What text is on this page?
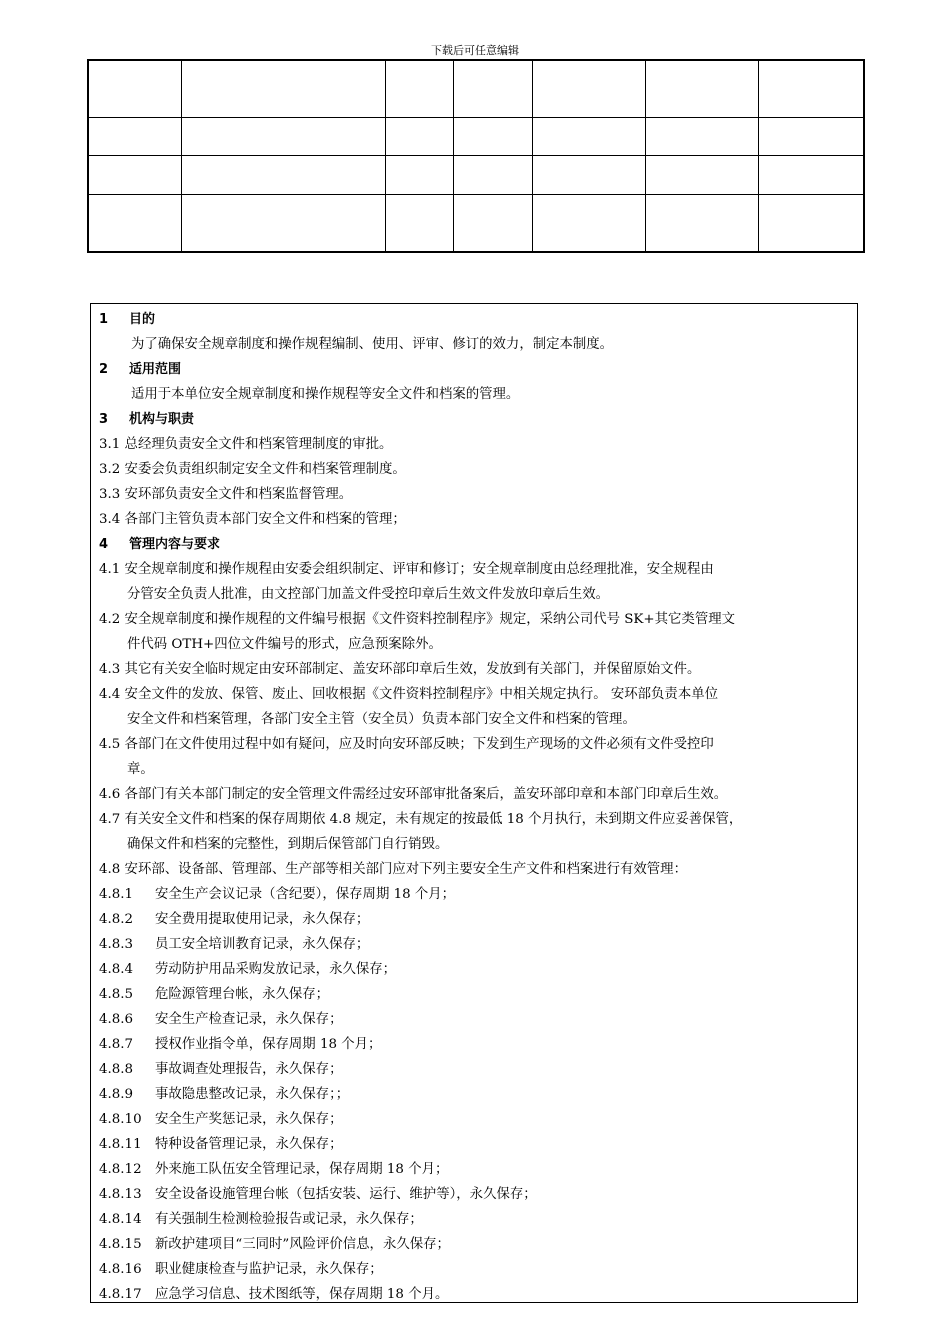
下载后可任意编辑

1 目的
为了确保安全规章制度和操作规程编制、使用、评审、修订的效力，制定本制度。
2 适用范围
适用于本单位安全规章制度和操作规程等安全文件和档案的管理。
3 机构与职责
3.1 总经理负责安全文件和档案管理制度的审批。
3.2 安委会负责组织制定安全文件和档案管理制度。
3.3 安环部负责安全文件和档案监督管理。
3.4 各部门主管负责本部门安全文件和档案的管理；
4 管理内容与要求
4.1 安全规章制度和操作规程由安委会组织制定、评审和修订；安全规章制度由总经理批准，安全规程由
分管安全负责人批准，由文控部门加盖文件受控印章后生效文件发放印章后生效。
4.2 安全规章制度和操作规程的文件编号根据《文件资料控制程序》规定，采纳公司代号 SK+其它类管理文
件代码 OTH+四位文件编号的形式，应急预案除外。
4.3 其它有关安全临时规定由安环部制定、盖安环部印章后生效，发放到有关部门，并保留原始文件。
4.4 安全文件的发放、保管、废止、回收根据《文件资料控制程序》中相关规定执行。 安环部负责本单位
安全文件和档案管理，各部门安全主管（安全员）负责本部门安全文件和档案的管理。
4.5 各部门在文件使用过程中如有疑问，应及时向安环部反映；下发到生产现场的文件必须有文件受控印
章。
4.6 各部门有关本部门制定的安全管理文件需经过安环部审批备案后，盖安环部印章和本部门印章后生效。
4.7 有关安全文件和档案的保存周期依 4.8 规定，未有规定的按最低 18 个月执行，未到期文件应妥善保管，
确保文件和档案的完整性，到期后保管部门自行销毁。
4.8 安环部、设备部、管理部、生产部等相关部门应对下列主要安全生产文件和档案进行有效管理：
4.8.1 安全生产会议记录（含纪要），保存周期 18 个月；
4.8.2 安全费用提取使用记录，永久保存；
4.8.3 员工安全培训教育记录，永久保存；
4.8.4 劳动防护用品采购发放记录，永久保存；
4.8.5 危险源管理台帐，永久保存；
4.8.6 安全生产检查记录，永久保存；
4.8.7 授权作业指令单，保存周期 18 个月；
4.8.8 事故调查处理报告，永久保存；
4.8.9 事故隐患整改记录，永久保存；；
4.8.10 安全生产奖惩记录，永久保存；
4.8.11 特种设备管理记录，永久保存；
4.8.12 外来施工队伍安全管理记录，保存周期 18 个月；
4.8.13 安全设备设施管理台帐（包括安装、运行、维护等），永久保存；
4.8.14 有关强制生检测检验报告或记录，永久保存；
4.8.15 新改护建项目“三同时”风险评价信息，永久保存；
4.8.16 职业健康检查与监护记录，永久保存；
4.8.17 应急学习信息、技术图纸等，保存周期 18 个月。
